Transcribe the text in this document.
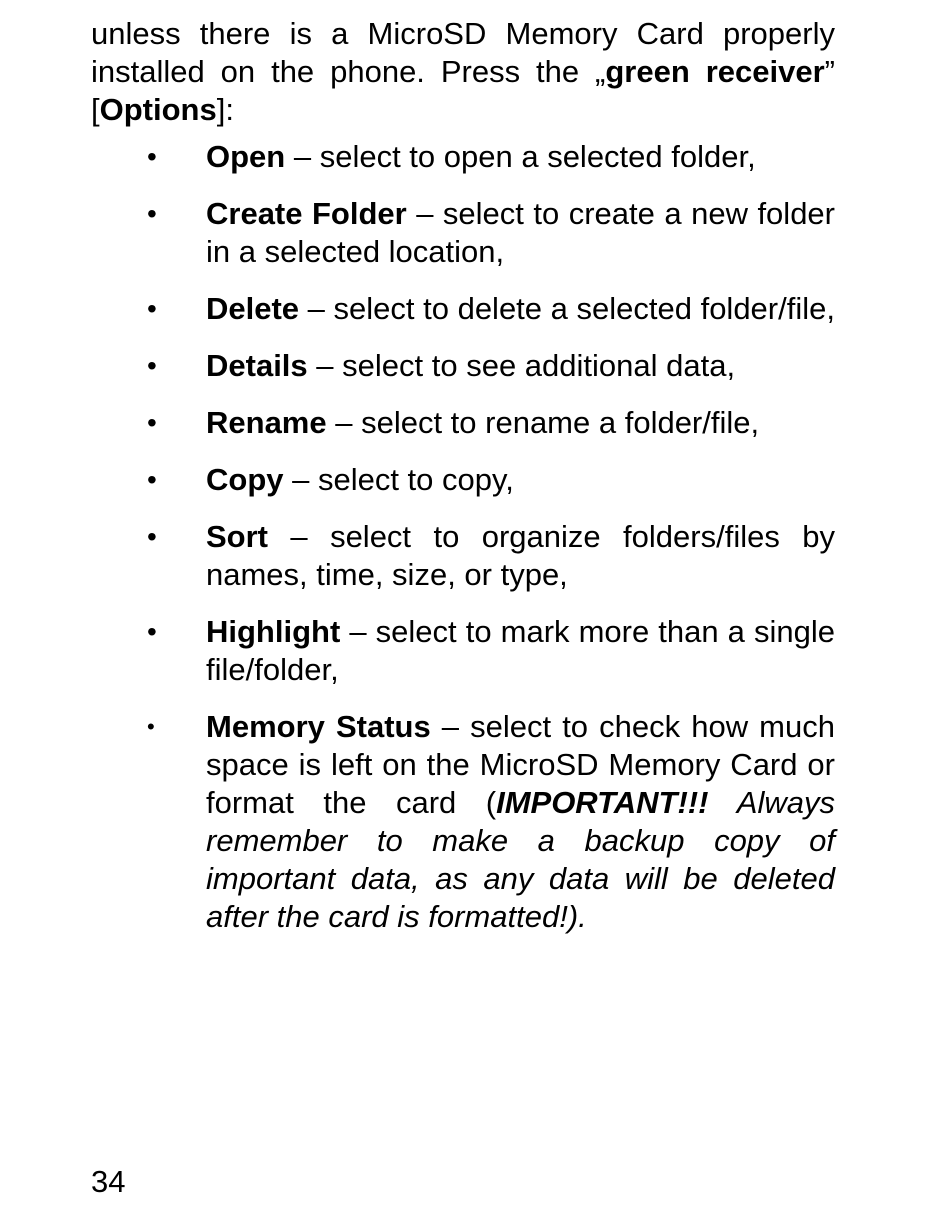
unless there is a MicroSD Memory Card properly installed on the phone. Press the „green receiver” [Options]:

• Open – select to open a selected folder,
• Create Folder – select to create a new folder in a selected location,
• Delete – select to delete a selected folder/file,
• Details – select to see additional data,
• Rename – select to rename a folder/file,
• Copy – select to copy,
• Sort – select to organize folders/files by names, time, size, or type,
• Highlight – select to mark more than a single file/folder,
• Memory Status – select to check how much space is left on the MicroSD Memory Card or format the card (IMPORTANT!!! Always remember to make a backup copy of important data, as any data will be deleted after the card is formatted!).
34
